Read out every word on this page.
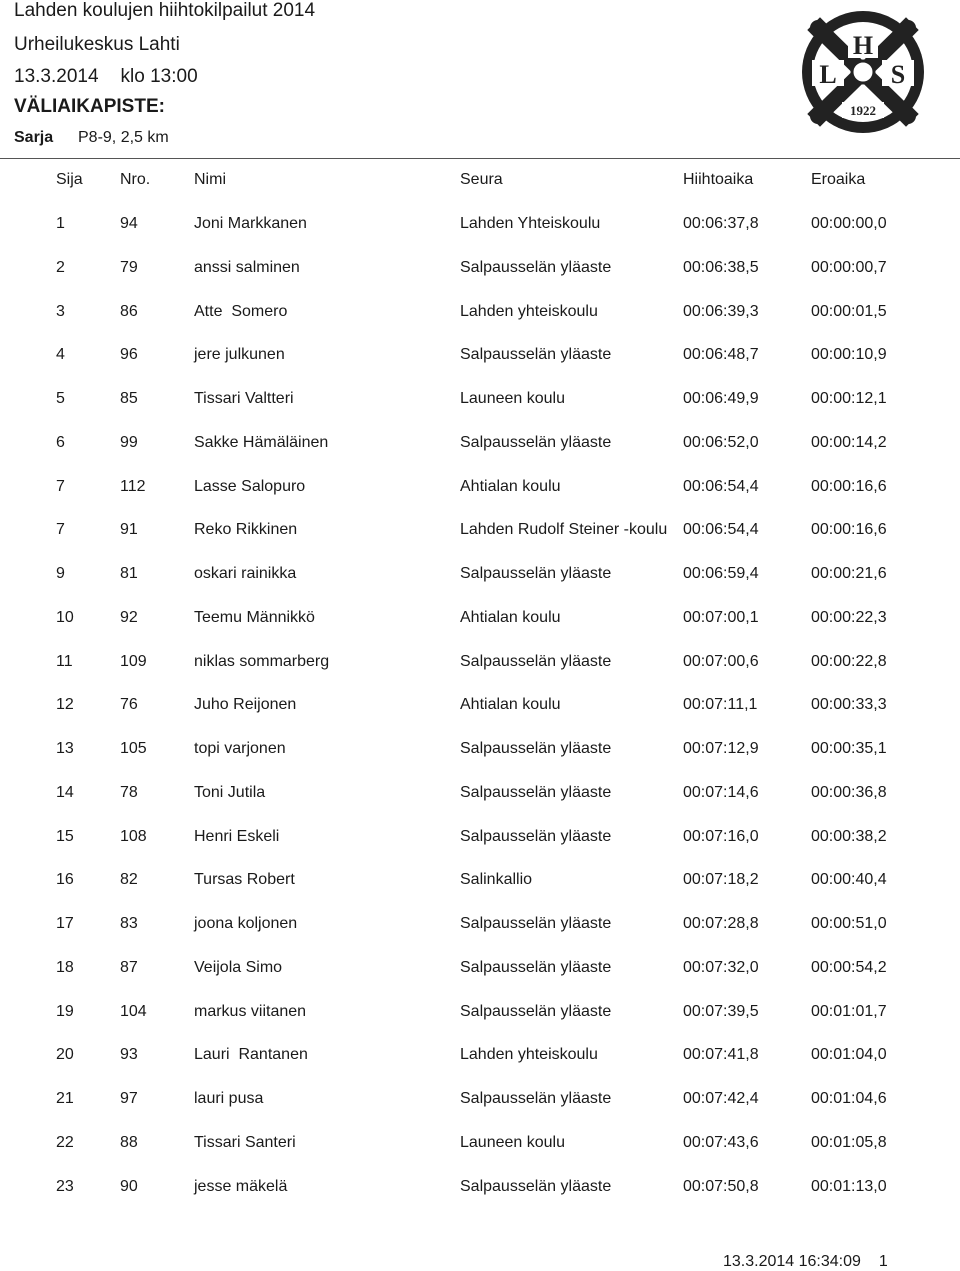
Lahden koulujen hiihtokilpailut 2014
Urheilukeskus Lahti
13.3.2014 klo 13:00
VÄLIAIKAPISTE:
Sarja P8-9, 2,5 km
H
L S
1922
Sija Nro.	Nimi	Seura	Hiihtoaika	Eroaika
1	94	Joni Markkanen	Lahden Yhteiskoulu	00:06:37,8	00:00:00,0
2	79	anssi salminen	Salpausselän yläaste	00:06:38,5	00:00:00,7
3	86	Atte  Somero	Lahden yhteiskoulu	00:06:39,3	00:00:01,5
4	96	jere julkunen	Salpausselän yläaste	00:06:48,7	00:00:10,9
5	85	Tissari Valtteri	Launeen koulu	00:06:49,9	00:00:12,1
6	99	Sakke Hämäläinen	Salpausselän yläaste	00:06:52,0	00:00:14,2
7	112	Lasse Salopuro	Ahtialan koulu	00:06:54,4	00:00:16,6
7	91	Reko Rikkinen	Lahden Rudolf Steiner -koulu 00:06:54,4	00:00:16,6
9	81	oskari rainikka	Salpausselän yläaste	00:06:59,4	00:00:21,6
10	92	Teemu Männikkö	Ahtialan koulu	00:07:00,1	00:00:22,3
11	109	niklas sommarberg	Salpausselän yläaste	00:07:00,6	00:00:22,8
12	76	Juho Reijonen	Ahtialan koulu	00:07:11,1	00:00:33,3
13	105	topi varjonen	Salpausselän yläaste	00:07:12,9	00:00:35,1
14	78	Toni Jutila	Salpausselän yläaste	00:07:14,6	00:00:36,8
15	108	Henri Eskeli	Salpausselän yläaste	00:07:16,0	00:00:38,2
16	82	Tursas Robert	Salinkallio	00:07:18,2	00:00:40,4
17	83	joona koljonen	Salpausselän yläaste	00:07:28,8	00:00:51,0
18	87	Veijola Simo	Salpausselän yläaste	00:07:32,0	00:00:54,2
19	104	markus viitanen	Salpausselän yläaste	00:07:39,5	00:01:01,7
20	93	Lauri  Rantanen	Lahden yhteiskoulu	00:07:41,8	00:01:04,0
21	97	lauri pusa	Salpausselän yläaste	00:07:42,4	00:01:04,6
22	88	Tissari Santeri	Launeen koulu	00:07:43,6	00:01:05,8
23	90	jesse mäkelä	Salpausselän yläaste	00:07:50,8	00:01:13,0
13.3.2014 16:34:09 1
